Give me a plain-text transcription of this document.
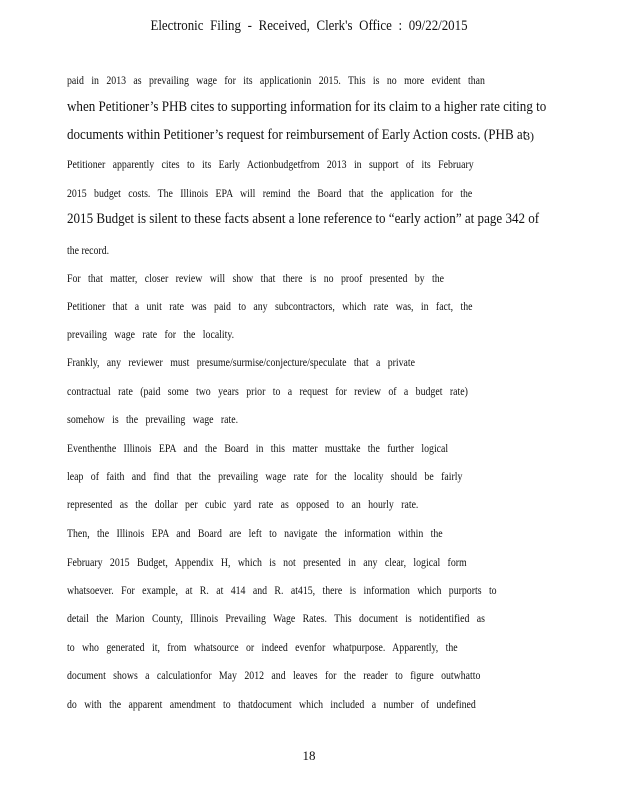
Electronic Filing - Received, Clerk's Office : 09/22/2015
paid in 2013 as prevailing wage for its applicationin 2015. This is no more evident than
when Petitioner’s PHB cites to supporting information for its claim to a higher rate citing to
documents within Petitioner’s request for reimbursement of Early Action costs. (PHB at
3)
Petitioner apparently cites to its Early Actionbudgetfrom 2013 in support of its February
2015 budget costs. The Illinois EPA will remind the Board that the application for the
2015 Budget is silent to these facts absent a lone reference to “early action” at page 342 of
the record.
For that matter, closer review will show that there is no proof presented by the
Petitioner that a unit rate was paid to any subcontractors, which rate was, in fact, the
prevailing wage rate for the locality.
Frankly, any reviewer must presume/surmise/conjecture/speculate that a private
contractual rate (paid some two years prior to a request for review of a budget rate)
somehow is the prevailing wage rate.
Eventhenthe Illinois EPA and the Board in this matter musttake the further logical
leap of faith and find that the prevailing wage rate for the locality should be fairly
represented as the dollar per cubic yard rate as opposed to an hourly rate.
Then, the Illinois EPA and Board are left to navigate the information within the
February 2015 Budget, Appendix H, which is not presented in any clear, logical form
whatsoever. For example, at R. at 414 and R. at415, there is information which purports to
detail the Marion County, Illinois Prevailing Wage Rates. This document is notidentified as
to who generated it, from whatsource or indeed evenfor whatpurpose. Apparently, the
document shows a calculationfor May 2012 and leaves for the reader to figure outwhatto
do with the apparent amendment to thatdocument which included a number of undefined
18
